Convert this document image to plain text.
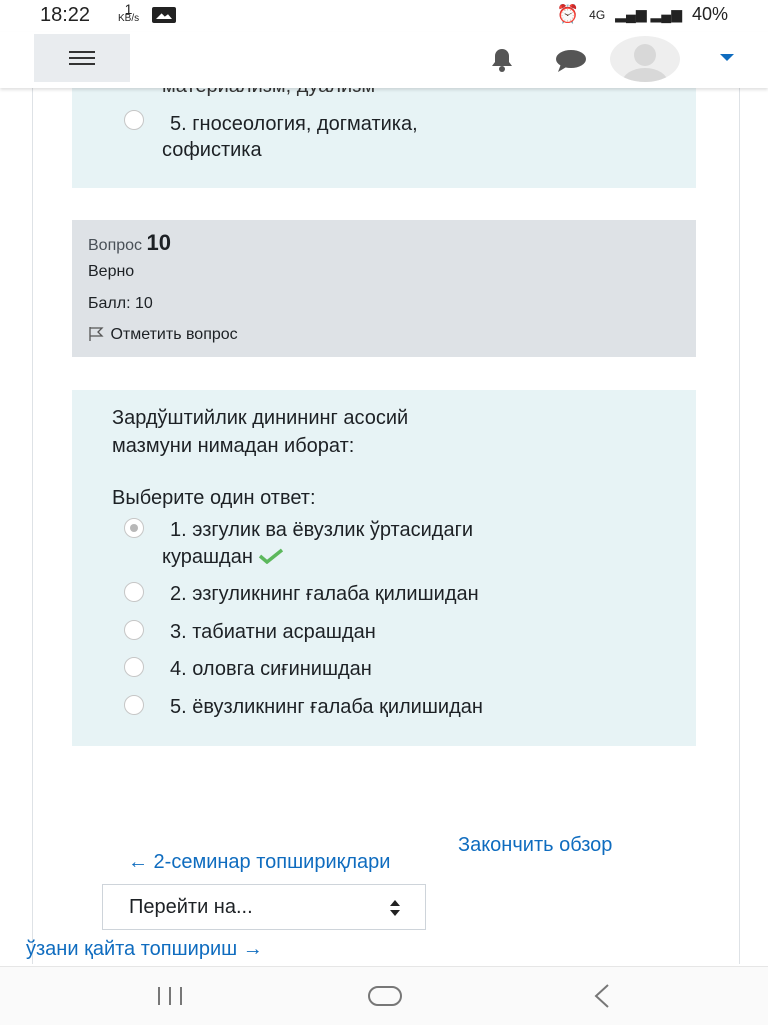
18:22	1
KB/s	⏰ 4G ▂▄▆ ▂▄▆ 40%
5. гносеология, догматика,
софистика
Вопрос 10
Верно
Балл: 10
Отметить вопрос
Зардўштийлик динининг асосий
мазмуни нимадан иборат:
Выберите один ответ:
1. эзгулик ва ёвузлик ўртасидаги
курашдан
2. эзгуликнинг ғалаба қилишидан
3. табиатни асрашдан
4. оловга сиғинишдан
5. ёвузликнинг ғалаба қилишидан
Закончить обзор
← 2-семинар топшириқлари
Перейти на...
ўзани қайта топшириш →
